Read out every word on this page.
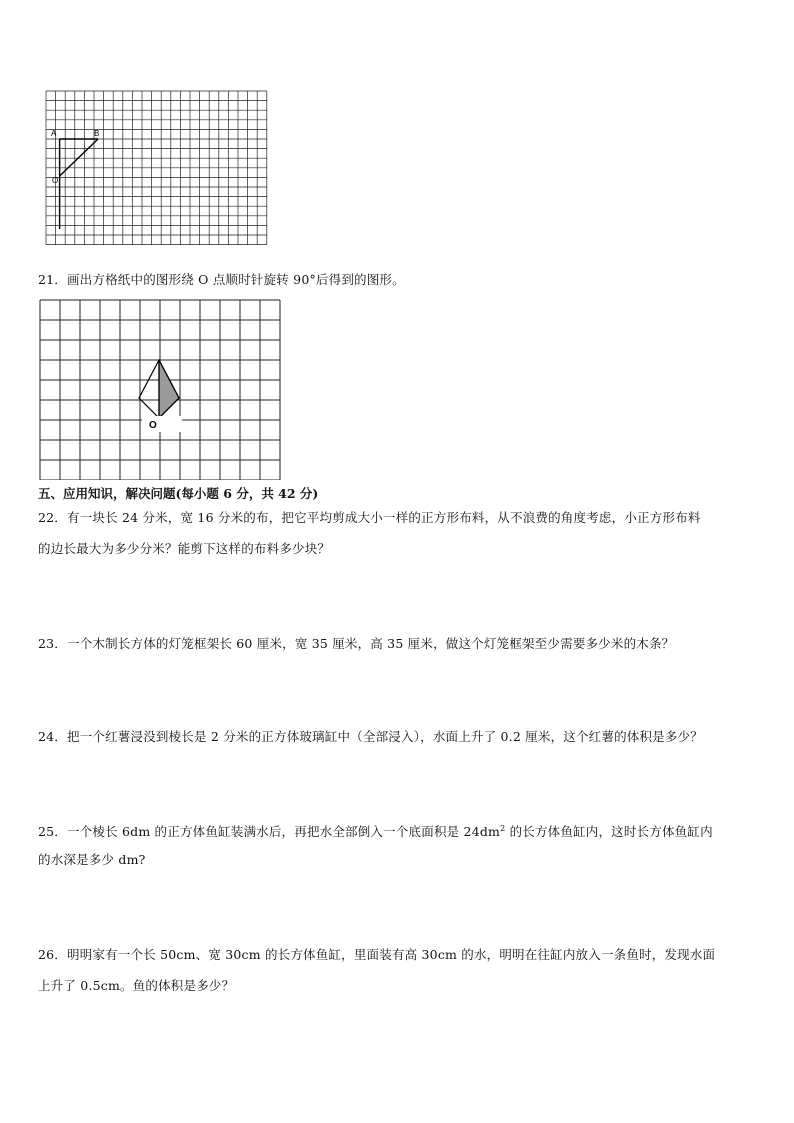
A	B
O
21．画出方格纸中的图形绕 O 点顺时针旋转 90°后得到的图形。
O
五、应用知识，解决问题(每小题 6 分，共 42 分)
22．有一块长 24 分米，宽 16 分米的布，把它平均剪成大小一样的正方形布料，从不浪费的角度考虑，小正方形布料
的边长最大为多少分米？能剪下这样的布料多少块？
23．一个木制长方体的灯笼框架长 60 厘米，宽 35 厘米，高 35 厘米，做这个灯笼框架至少需要多少米的木条？
24．把一个红薯浸没到棱长是 2 分米的正方体玻璃缸中（全部浸入），水面上升了 0.2 厘米，这个红薯的体积是多少？
25．一个棱长 6dm 的正方体鱼缸装满水后，再把水全部倒入一个底面积是 $24dm^2$ 的长方体鱼缸内，这时长方体鱼缸内
的水深是多少 dm?
26．明明家有一个长 50cm、宽 30cm 的长方体鱼缸，里面装有高 30cm 的水，明明在往缸内放入一条鱼时，发现水面
上升了 0.5cm。鱼的体积是多少？
